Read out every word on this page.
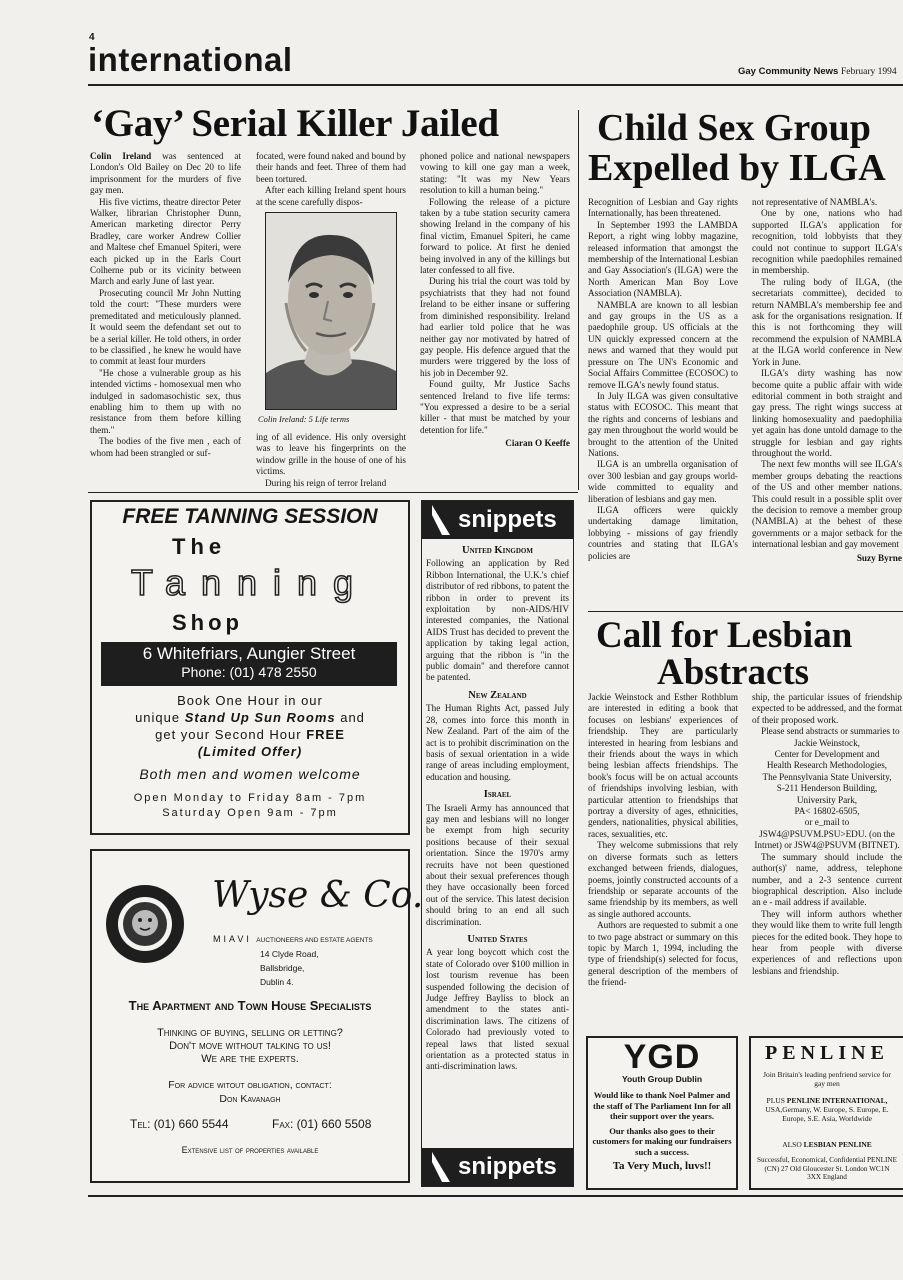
4
international	Gay Community News February 1994
‘Gay’ Serial Killer Jailed

Colin Ireland was sentenced at London's Old Bailey on Dec 20 to life imprisonment for the murders of five gay men.

His five victims, theatre director Peter Walker, librarian Christopher Dunn, American marketing director Perry Bradley, care worker Andrew Collier and Maltese chef Emanuel Spiteri, were each picked up in the Earls Court Colherne pub or its vicinity between March and early June of last year.

Prosecuting council Mr John Nutting told the court: "These murders were premeditated and meticulously planned. It would seem the defendant set out to be a serial killer. He told others, in order to be classified , he knew he would have to commit at least four murders

"He chose a vulnerable group as his intended victims - homosexual men who indulged in sadomasochistic sex, thus enabling him to them up with no resistance from them before killing them."

The bodies of the five men , each of whom had been strangled or suf-

focated, were found naked and bound by their hands and feet. Three of them had been tortured.

After each killing Ireland spent hours at the scene carefully dispos-

Colin Ireland: 5 Life terms

ing of all evidence. His only oversight was to leave his fingerprints on the window grille in the house of one of his victims.

During his reign of terror Ireland

phoned police and national newspapers vowing to kill one gay man a week, stating: "It was my New Years resolution to kill a human being."

Following the release of a picture taken by a tube station security camera showing Ireland in the company of his final victim, Emanuel Spiteri, he came forward to police. At first he denied being involved in any of the killings but later confessed to all five.

During his trial the court was told by psychiatrists that they had not found Ireland to be either insane or suffering from diminished responsibility. Ireland had earlier told police that he was neither gay nor motivated by hatred of gay people. His defence argued that the murders were triggered by the loss of his job in December 92.

Found guilty, Mr Justice Sachs sentenced Ireland to five life terms: "You expressed a desire to be a serial killer - that must be matched by your detention for life."

Ciaran O Keeffe
Child Sex Group
Expelled by ILGA

Recognition of Lesbian and Gay rights Internationally, has been threatened.

In September 1993 the LAMBDA Report, a right wing lobby magazine, released information that amongst the membership of the International Lesbian and Gay Association's (ILGA) were the North American Man Boy Love Association (NAMBLA).

NAMBLA are known to all lesbian and gay groups in the US as a paedophile group. US officials at the UN quickly expressed concern at the news and warned that they would put pressure on The UN's Economic and Social Affairs Committee (ECOSOC) to remove ILGA's newly found status.

In July ILGA was given consultative status with ECOSOC. This meant that the rights and concerns of lesbians and gay men throughout the world would be brought to the attention of the United Nations.

ILGA is an umbrella organisation of over 300 lesbian and gay groups world-wide committed to equality and liberation of lesbians and gay men.

ILGA officers were quickly undertaking damage limitation, lobbying - missions of gay friendly countries and stating that ILGA's policies are

not representative of NAMBLA's.

One by one, nations who had supported ILGA's application for recognition, told lobbyists that they could not continue to support ILGA's recognition while paedophiles remained in membership.

The ruling body of ILGA, (the secretariats committee), decided to return NAMBLA's membership fee and ask for the organisations resignation. If this is not forthcoming they will recommend the expulsion of NAMBLA at the ILGA world conference in New York in June.

ILGA's dirty washing has now become quite a public affair with wide editorial comment in both straight and gay press. The right wings success at linking homosexuality and paedophilia yet again has done untold damage to the struggle for lesbian and gay rights throughout the world.

The next few months will see ILGA's member groups debating the reactions of the US and other member nations. This could result in a possible split over the decision to remove a member group (NAMBLA) at the behest of these governments or a major setback for the international lesbian and gay movement

Suzy Byrne
FREE TANNING SESSION
The
Tanning
Shop
6 Whitefriars, Aungier Street
Phone: (01) 478 2550
Book One Hour in our
unique Stand Up Sun Rooms and
get your Second Hour FREE
(Limited Offer)
Both men and women welcome
Open Monday to Friday 8am - 7pm
Saturday Open 9am - 7pm
Wyse & Co.
MIAVI AUCTIONEERS AND ESTATE AGENTS
14 Clyde Road,
Ballsbridge,
Dublin 4.
The Apartment and Town House Specialists
Thinking of buying, selling or letting?
Don't move without talking to us!
We are the experts.
For advice witout obligation, contact:
Don Kavanagh
Tel: (01) 660 5544	Fax: (01) 660 5508
Extensive list of properties available
snippets
United Kingdom

Following an application by Red Ribbon International, the U.K.'s chief distributor of red ribbons, to patent the ribbon in order to prevent its exploitation by non-AIDS/HIV interested companies, the National AIDS Trust has decided to prevent the application by taking legal action, arguing that the ribbon is "in the public domain" and therefore cannot be patented.

New Zealand

The Human Rights Act, passed July 28, comes into force this month in New Zealand. Part of the aim of the act is to prohibit discrimination on the basis of sexual orientation in a wide range of areas including employment, education and housing.

Israel

The Israeli Army has announced that gay men and lesbians will no longer be exempt from high security positions because of their sexual orientation. Since the 1970's army recruits have not been questioned about their sexual preferences though they have occasionally been forced out of the service. This latest decision should bring to an end all such discrimination.

United States

A year long boycott which cost the state of Colorado over $100 million in lost tourism revenue has been suspended following the decision of Judge Jeffrey Bayliss to block an amendment to the states anti-discrimination laws. The citizens of Colorado had previously voted to repeal laws that listed sexual orientation as a protected status in anti-discrimination laws.

snippets
Call for Lesbian
Abstracts

Jackie Weinstock and Esther Rothblum are interested in editing a book that focuses on lesbians' experiences of friendship. They are particularly interested in hearing from lesbians and their friends about the ways in which being lesbian affects friendships. The book's focus will be on actual accounts of friendships involving lesbian, with particular attention to friendships that portray a diversity of ages, ethnicities, genders, nationalities, physical abilities, races, sexualities, etc.

They welcome submissions that rely on diverse formats such as letters exchanged between friends, dialogues, poems, jointly constructed accounts of a friendship or separate accounts of the same friendship by its members, as well as single authored accounts.

Authors are requested to submit a one to two page abstract or summary on this topic by March 1, 1994, including the type of friendship(s) selected for focus, general description of the members of the friend-

ship, the particular issues of friendship expected to be addressed, and the format of their proposed work.

Please send abstracts or summaries to

Jackie Weinstock,
Center for Development and
Health Research Methodologies,
The Pennsylvania State University,
S-211 Henderson Building,
University Park,
PA< 16802-6505,
or e_mail to
JSW4@PSUVM.PSU>EDU. (on the Intrnet) or JSW4@PSUVM (BITNET).

The summary should include the author(s)' name, address, telephone number, and a 2-3 sentence current biographical description. Also include an e - mail address if available.

They will inform authors whether they would like them to write full length pieces for the edited book. They hope to hear from people with diverse experiences of and reflections upon lesbians and friendship.

YGD
Youth Group Dublin
Would like to thank Noel Palmer and the staff of The Parliament Inn for all their support over the years.
Our thanks also goes to their customers for making our fundraisers such a success.
Ta Very Much, luvs!!
PENLINE
Join Britain's leading penfriend service for gay men
PLUS PENLINE INTERNATIONAL,
USA,Germany, W. Europe, S. Europe, E. Europe, S.E. Asia, Worldwide
ALSO LESBIAN PENLINE
Successful, Economical, Confidential PENLINE (CN) 27 Old Gloucester St. London WC1N 3XX England
